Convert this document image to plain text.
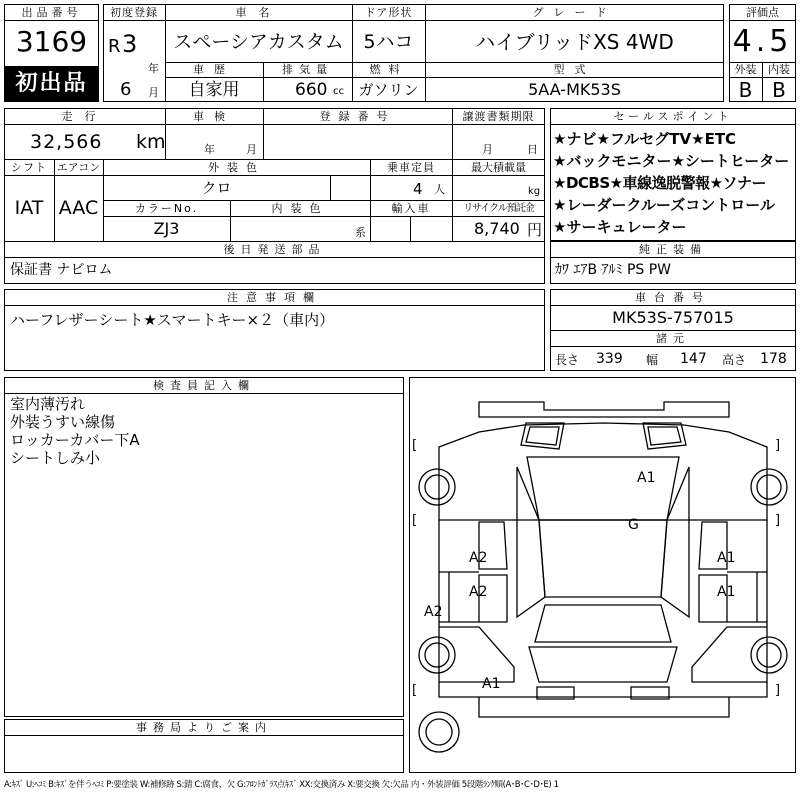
出品番号
3169
初出品
初度登録
R 3
年
6 月
車名
スペーシアカスタム
ドア形状
5ハコ
グレード
ハイブリッドXS 4WD
車歴
自家用
排気量
660 cc
燃料
ガソリン
型式
5AA-MK53S
評価点
4.5
外装	内装
B B
走行
32,566 km
車検
年	月
登録番号	譲渡書類期限
月	日
シフト
IAT
エアコン
AAC
外装色
クロ
乗車定員
4 人
最大積載量
kg
カラーNo.
ZJ3
内装色
系
輸入車	リサイクル預託金
8,740 円
後日発送部品
保証書 ナビロム
セールスポイント
★ナビ★フルセグTV★ETC
★バックモニター★シートヒーター
★DCBS★車線逸脱警報★ソナー
★レーダークルーズコントロール
★サーキュレーター
純正装備
ｶﾜ ｴｱB ｱﾙﾐ PS PW
注意事項欄
ハーフレザーシート★スマートキー×２（車内）
車台番号
MK53S-757015
諸元
長さ 339 幅 147 高さ 178
検査員記入欄
室内薄汚れ
外装うすい線傷
ロッカーカバー下A
シートしみ小
[	]
[	]
[	]
A1
G
A2	A1
A2	A1
A2
A1
事務局よりご案内
A:ｷｽﾞ U:ﾍｺﾐ B:ｷｽﾞを伴うﾍｺﾐ P:要塗装 W:補修跡 S:錆 C:腐食、欠 G:ﾌﾛﾝﾄｶﾞﾗｽ点ｷｽﾞ XX:交換済み X:要交換 欠:欠品 内・外装評価 5段階ﾗﾝｸ順(A･B･C･D･E) 1
